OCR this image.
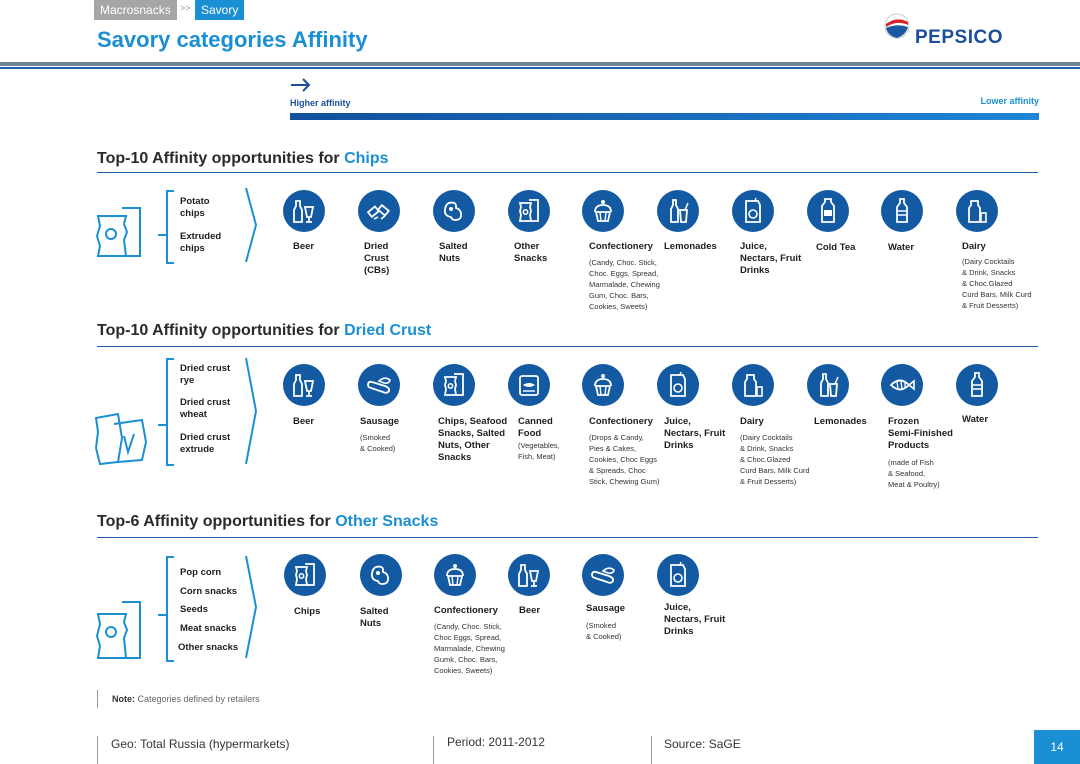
Macrosnacks	>> Savory
Savory categories Affinity	PEPSICO
Higher affinity	Lower affinity
Top-10 Affinity opportunities for Chips
Top-10 Affinity opportunities for Dried Crust
Top-6 Affinity opportunities for Other Snacks
Potato
chips
Extruded
chips
Dried crust
rye
Dried crust
wheat
Dried crust
extrude
Pop corn
Corn snacks
Seeds
Meat snacks
Other snacks
Beer	Dried
Crust
(CBs)
Salted
Nuts
Other
Snacks
Confectionery
(Candy, Choc. Stick,
Choc. Eggs, Spread,
Marmalade, Chewing
Gum, Choc. Bars,
Cookies, Sweets)
Lemonades Juice,
Nectars, Fruit
Drinks
Cold Tea	Water	Dairy
(Dairy Cocktails
& Drink, Snacks
& Choc.Glazed
Curd Bars, Milk Curd
& Fruit Desserts)
Beer	Sausage
(Smoked
& Cooked)
Chips, Seafood
Snacks, Salted
Nuts, Other
Snacks
Canned
Food
(Vegetables,
Fish, Meat)
Confectionery
(Drops & Candy,
Pies & Cakes,
Cookies, Choc Eggs
& Spreads, Choc
Stick, Chewing Gum)
Juice,
Nectars, Fruit
Drinks
Dairy
(Dairy Cocktails
& Drink, Snacks
& Choc.Glazed
Curd Bars, Milk Curd
& Fruit Desserts)
Lemonades Frozen
Semi-Finished
Products
(made of Fish
& Seafood,
Meat & Poultry)
Water
Chips	Salted
Nuts
Confectionery
(Candy, Choc. Stick,
Choc Eggs, Spread,
Marmalade, Chewing
Gumk, Choc. Bars,
Cookies, Sweets)
Beer	Sausage
(Smoked
& Cooked)
Juice,
Nectars, Fruit
Drinks
Note: Categories defined by retailers
Geo: Total Russia (hypermarkets)	Period: 2011-2012	Source: SaGE	14
